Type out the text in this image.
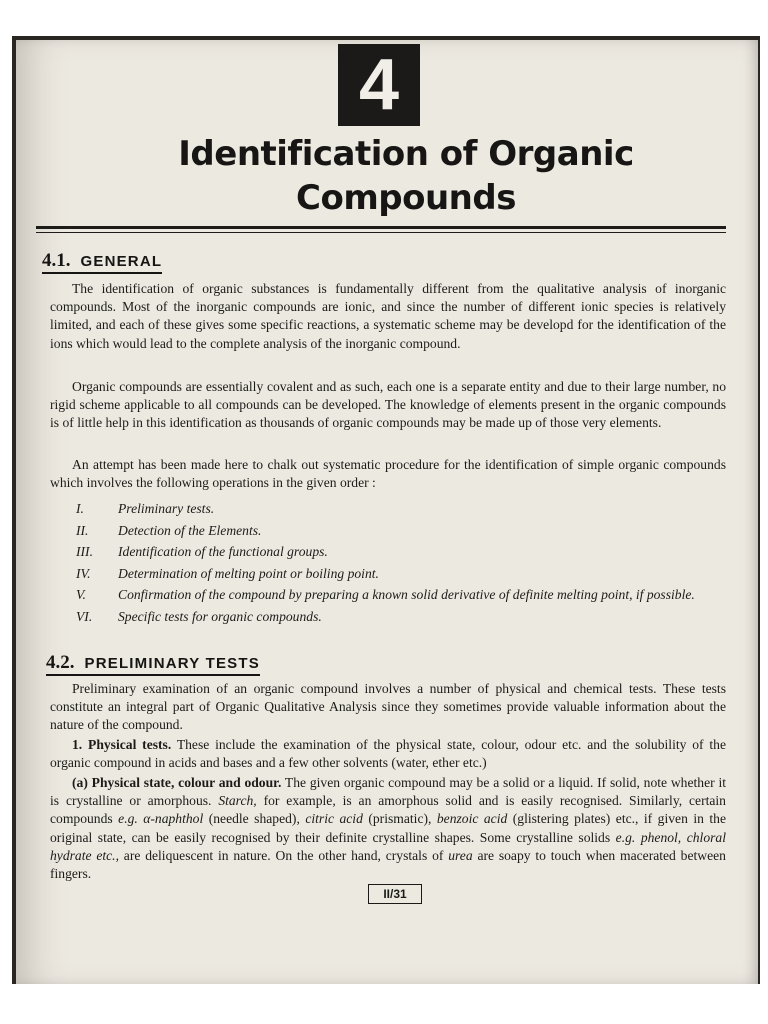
4
Identification of Organic
Compounds
4.1. GENERAL
The identification of organic substances is fundamentally different from the qualitative analysis of inorganic compounds. Most of the inorganic compounds are ionic, and since the number of different ionic species is relatively limited, and each of these gives some specific reactions, a systematic scheme may be developd for the identification of the ions which would lead to the complete analysis of the inorganic compound.
Organic compounds are essentially covalent and as such, each one is a separate entity and due to their large number, no rigid scheme applicable to all compounds can be developed. The knowledge of elements present in the organic compounds is of little help in this identification as thousands of organic compounds may be made up of those very elements.
An attempt has been made here to chalk out systematic procedure for the identification of simple organic compounds which involves the following operations in the given order :
I.	Preliminary tests.
II.	Detection of the Elements.
III.	Identification of the functional groups.
IV.	Determination of melting point or boiling point.
V.	Confirmation of the compound by preparing a known solid derivative of definite melting point, if possible.
VI.	Specific tests for organic compounds.
4.2. PRELIMINARY TESTS
Preliminary examination of an organic compound involves a number of physical and chemical tests. These tests constitute an integral part of Organic Qualitative Analysis since they sometimes provide valuable information about the nature of the compound.
1. Physical tests. These include the examination of the physical state, colour, odour etc. and the solubility of the organic compound in acids and bases and a few other solvents (water, ether etc.)
(a) Physical state, colour and odour. The given organic compound may be a solid or a liquid. If solid, note whether it is crystalline or amorphous. Starch, for example, is an amorphous solid and is easily recognised. Similarly, certain compounds e.g. α-naphthol (needle shaped), citric acid (prismatic), benzoic acid (glistering plates) etc., if given in the original state, can be easily recognised by their definite crystalline shapes. Some crystalline solids e.g. phenol, chloral hydrate etc., are deliquescent in nature. On the other hand, crystals of urea are soapy to touch when macerated between fingers.
II/31
